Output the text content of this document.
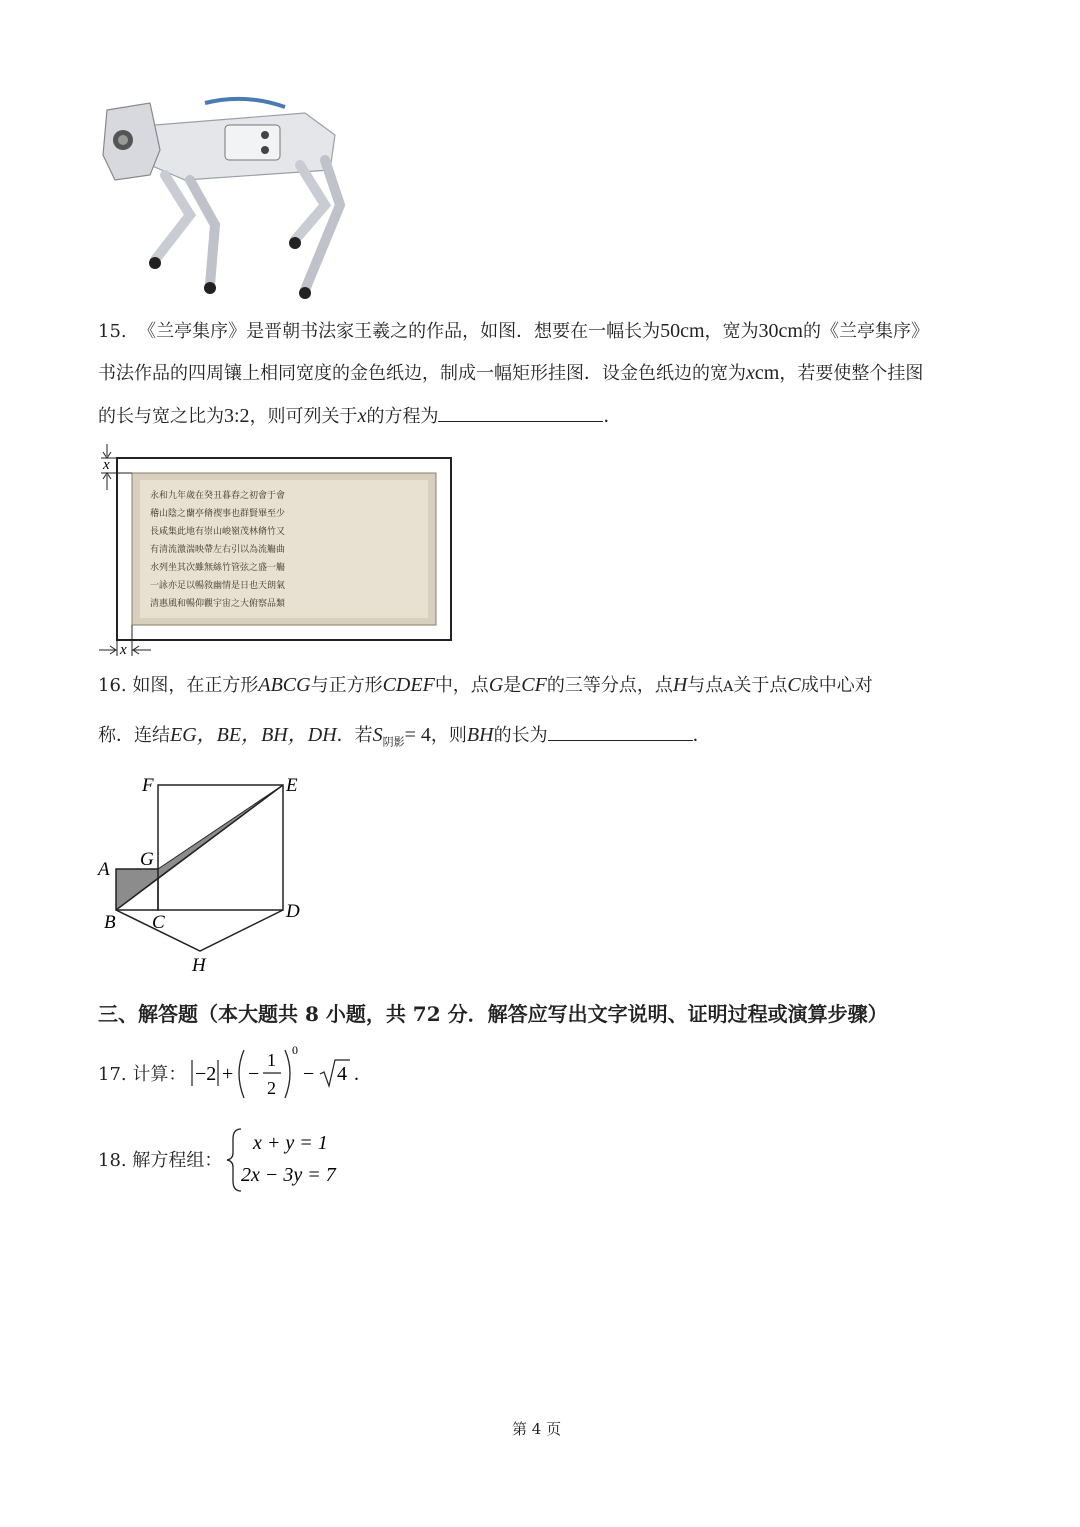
15. 《兰亭集序》是晋朝书法家王羲之的作品，如图．想要在一幅长为50cm，宽为30cm的《兰亭集序》
书法作品的四周镶上相同宽度的金色纸边，制成一幅矩形挂图．设金色纸边的宽为xcm，若要使整个挂图
的长与宽之比为3:2，则可列关于x的方程为	．
永和九年歲在癸丑暮春之初會于會
稽山陰之蘭亭脩禊事也群賢畢至少
長咸集此地有崇山峻嶺茂林脩竹又
有清流激湍映帶左右引以為流觴曲
水列坐其次雖無絲竹管弦之盛一觴
一詠亦足以暢敘幽情是日也天朗氣
清惠風和暢仰觀宇宙之大俯察品類
x
x
16. 如图，在正方形ABCG与正方形CDEF中，点G是CF的三等分点，点H与点A关于点C成中心对
称．连结EG，BE，BH，DH．若$S_{阴影}= 4$，则BH的长为	．
F	E
G
A
B C
D
H
三、解答题（本大题共 8 小题，共 72 分．解答应写出文字说明、证明过程或演算步骤）
17. 计算： −2 + −
1
2
0
− 4 .
18. 解方程组：
x + y = 1
2x − 3y = 7
第 4 页
